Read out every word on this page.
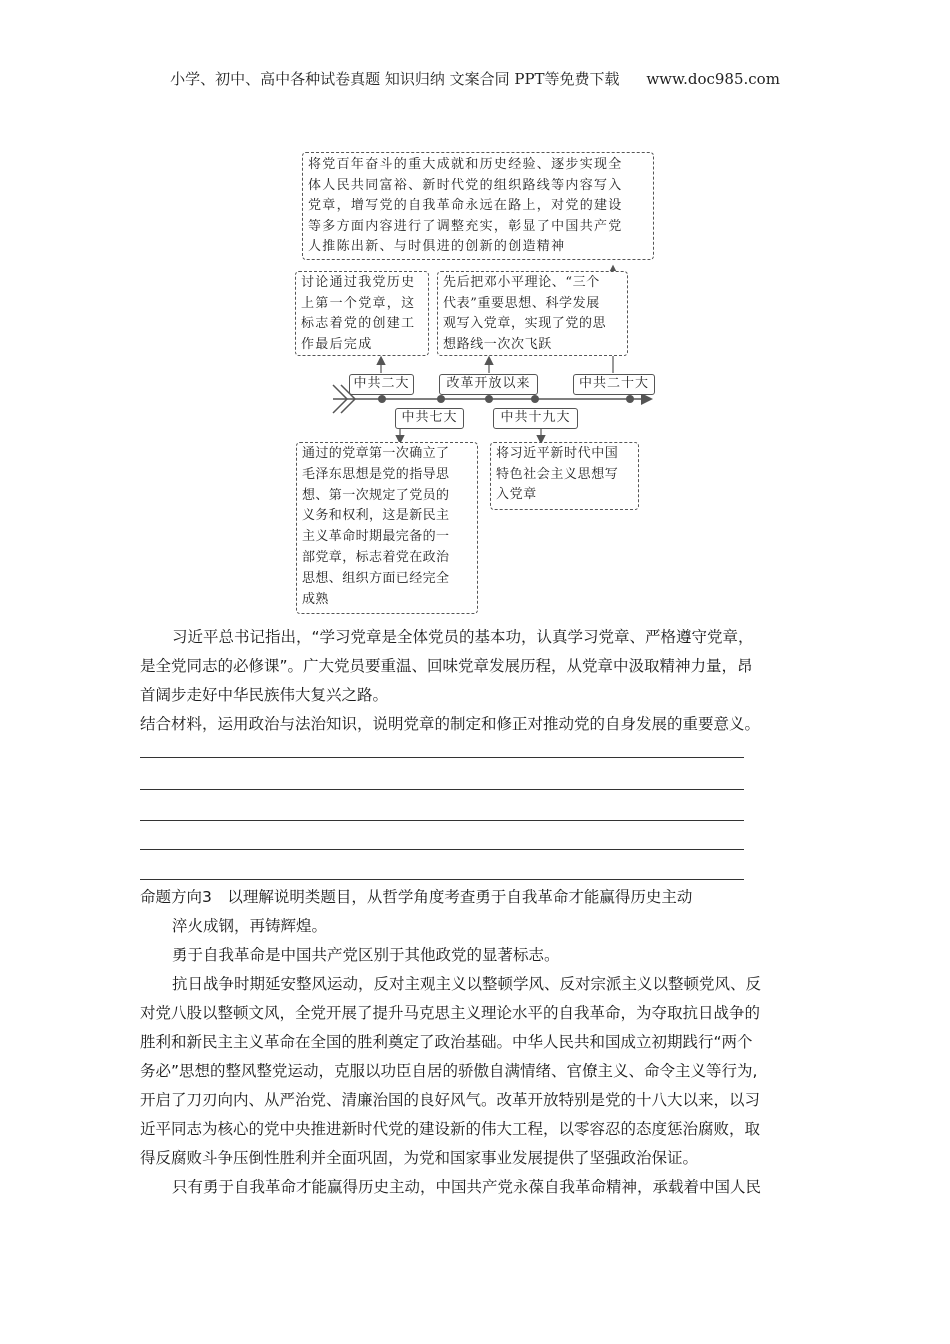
小学、初中、高中各种试卷真题 知识归纳 文案合同 PPT等免费下载 www.doc985.com
将党百年奋斗的重大成就和历史经验、逐步实现全
体人民共同富裕、新时代党的组织路线等内容写入
党章，增写党的自我革命永远在路上，对党的建设
等多方面内容进行了调整充实，彰显了中国共产党
人推陈出新、与时俱进的创新的创造精神
讨论通过我党历史
上第一个党章，这
标志着党的创建工
作最后完成
先后把邓小平理论、“三个
代表”重要思想、科学发展
观写入党章，实现了党的思
想路线一次次飞跃
中共二大	改革开放以来	中共二十大
中共七大	中共十九大
通过的党章第一次确立了
毛泽东思想是党的指导思
想、第一次规定了党员的
义务和权利，这是新民主
主义革命时期最完备的一
部党章，标志着党在政治
思想、组织方面已经完全
成熟
将习近平新时代中国
特色社会主义思想写
入党章
习近平总书记指出，“学习党章是全体党员的基本功，认真学习党章、严格遵守党章，
是全党同志的必修课”。广大党员要重温、回味党章发展历程，从党章中汲取精神力量，昂
首阔步走好中华民族伟大复兴之路。
结合材料，运用政治与法治知识，说明党章的制定和修正对推动党的自身发展的重要意义。
命题方向3　以理解说明类题目，从哲学角度考查勇于自我革命才能赢得历史主动
淬火成钢，再铸辉煌。
勇于自我革命是中国共产党区别于其他政党的显著标志。
抗日战争时期延安整风运动，反对主观主义以整顿学风、反对宗派主义以整顿党风、反
对党八股以整顿文风，全党开展了提升马克思主义理论水平的自我革命，为夺取抗日战争的
胜利和新民主主义革命在全国的胜利奠定了政治基础。中华人民共和国成立初期践行“两个
务必”思想的整风整党运动，克服以功臣自居的骄傲自满情绪、官僚主义、命令主义等行为,
开启了刀刃向内、从严治党、清廉治国的良好风气。改革开放特别是党的十八大以来，以习
近平同志为核心的党中央推进新时代党的建设新的伟大工程，以零容忍的态度惩治腐败，取
得反腐败斗争压倒性胜利并全面巩固，为党和国家事业发展提供了坚强政治保证。
只有勇于自我革命才能赢得历史主动，中国共产党永葆自我革命精神，承载着中国人民
